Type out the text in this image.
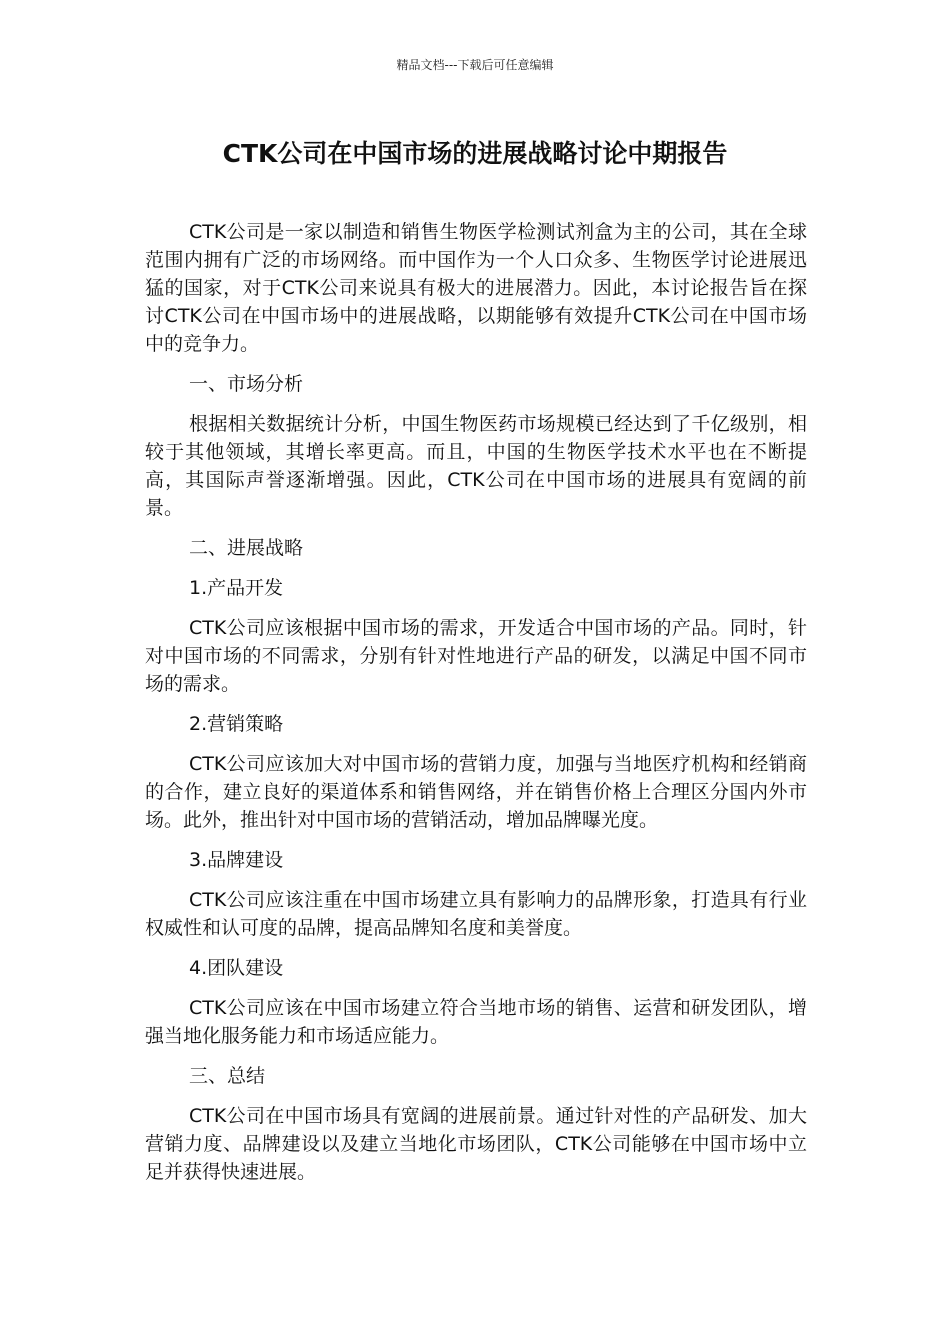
精品文档---下载后可任意编辑
CTK公司在中国市场的进展战略讨论中期报告

CTK公司是一家以制造和销售生物医学检测试剂盒为主的公司，其在全球范围内拥有广泛的市场网络。而中国作为一个人口众多、生物医学讨论进展迅猛的国家，对于CTK公司来说具有极大的进展潜力。因此，本讨论报告旨在探讨CTK公司在中国市场中的进展战略，以期能够有效提升CTK公司在中国市场中的竞争力。

一、市场分析

根据相关数据统计分析，中国生物医药市场规模已经达到了千亿级别，相较于其他领域，其增长率更高。而且，中国的生物医学技术水平也在不断提高，其国际声誉逐渐增强。因此，CTK公司在中国市场的进展具有宽阔的前景。

二、进展战略

1.产品开发

CTK公司应该根据中国市场的需求，开发适合中国市场的产品。同时，针对中国市场的不同需求，分别有针对性地进行产品的研发，以满足中国不同市场的需求。

2.营销策略

CTK公司应该加大对中国市场的营销力度，加强与当地医疗机构和经销商的合作，建立良好的渠道体系和销售网络，并在销售价格上合理区分国内外市场。此外，推出针对中国市场的营销活动，增加品牌曝光度。

3.品牌建设

CTK公司应该注重在中国市场建立具有影响力的品牌形象，打造具有行业权威性和认可度的品牌，提高品牌知名度和美誉度。

4.团队建设

CTK公司应该在中国市场建立符合当地市场的销售、运营和研发团队，增强当地化服务能力和市场适应能力。

三、总结

CTK公司在中国市场具有宽阔的进展前景。通过针对性的产品研发、加大营销力度、品牌建设以及建立当地化市场团队，CTK公司能够在中国市场中立足并获得快速进展。
